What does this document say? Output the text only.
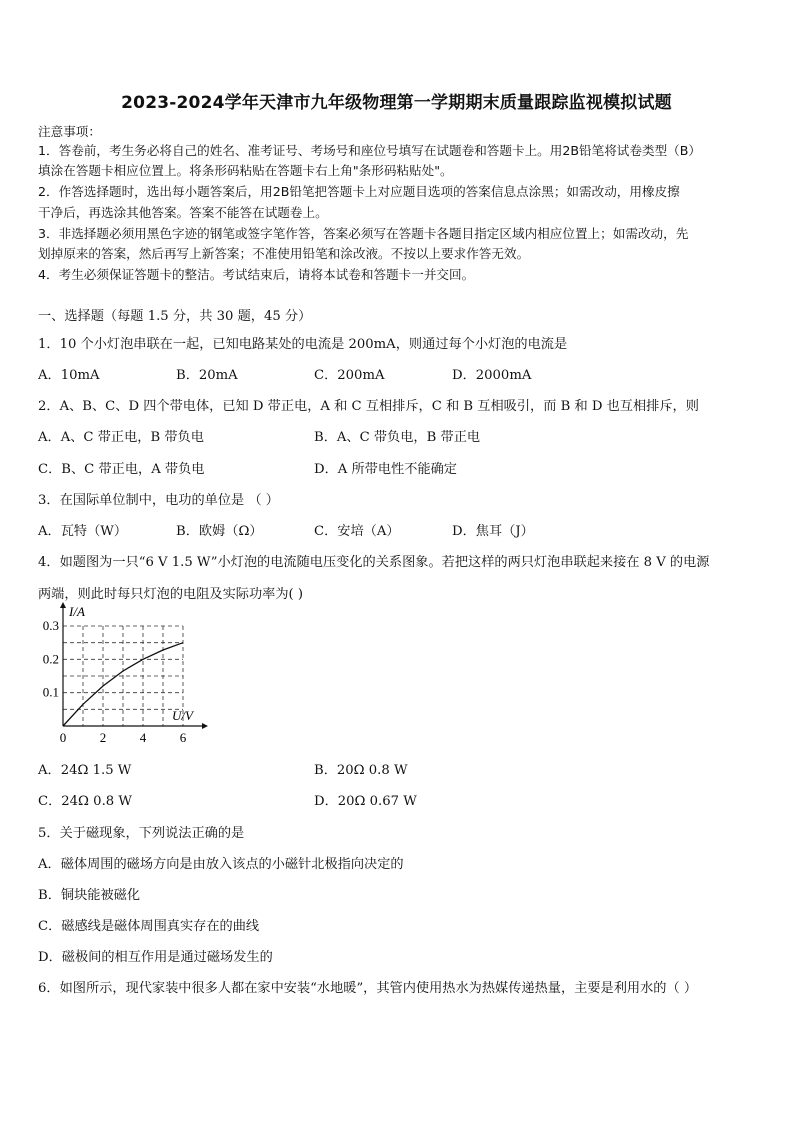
2023-2024学年天津市九年级物理第一学期期末质量跟踪监视模拟试题
注意事项：
1．答卷前，考生务必将自己的姓名、准考证号、考场号和座位号填写在试题卷和答题卡上。用2B铅笔将试卷类型（B）
填涂在答题卡相应位置上。将条形码粘贴在答题卡右上角"条形码粘贴处"。
2．作答选择题时，选出每小题答案后，用2B铅笔把答题卡上对应题目选项的答案信息点涂黑；如需改动，用橡皮擦
干净后，再选涂其他答案。答案不能答在试题卷上。
3．非选择题必须用黑色字迹的钢笔或签字笔作答，答案必须写在答题卡各题目指定区域内相应位置上；如需改动，先
划掉原来的答案，然后再写上新答案；不准使用铅笔和涂改液。不按以上要求作答无效。
4．考生必须保证答题卡的整洁。考试结束后，请将本试卷和答题卡一并交回。
一、选择题（每题 1.5 分，共 30 题，45 分）
1．10 个小灯泡串联在一起，已知电路某处的电流是 200mA，则通过每个小灯泡的电流是
A．10mA	B．20mA	C．200mA	D．2000mA
2．A、B、C、D 四个带电体，已知 D 带正电，A 和 C 互相排斥，C 和 B 互相吸引，而 B 和 D 也互相排斥，则
A．A、C 带正电，B 带负电	B．A、C 带负电，B 带正电
C．B、C 带正电，A 带负电	D．A 所带电性不能确定
3．在国际单位制中，电功的单位是 （ ）
A．瓦特（W）	B．欧姆（Ω）	C．安培（A）	D．焦耳（J）
4．如题图为一只“6 V 1.5 W”小灯泡的电流随电压变化的关系图象。若把这样的两只灯泡串联起来接在 8 V 的电源
两端，则此时每只灯泡的电阻及实际功率为( )
I/A
U/V
0	2	4	6
0.1
0.2
0.3
A．24Ω 1.5 W	B．20Ω 0.8 W
C．24Ω 0.8 W	D．20Ω 0.67 W
5．关于磁现象，下列说法正确的是
A．磁体周围的磁场方向是由放入该点的小磁针北极指向决定的
B．铜块能被磁化
C．磁感线是磁体周围真实存在的曲线
D．磁极间的相互作用是通过磁场发生的
6．如图所示，现代家装中很多人都在家中安装“水地暖”，其管内使用热水为热媒传递热量，主要是利用水的（ ）
